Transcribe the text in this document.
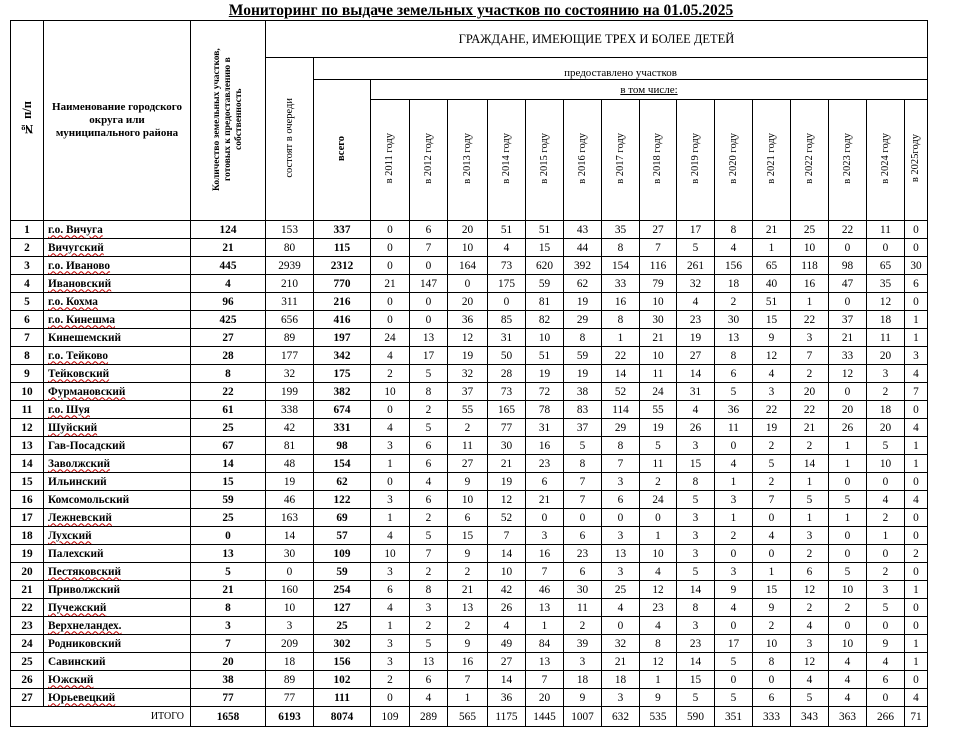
Мониторинг по выдаче земельных участков по состоянию на 01.05.2025
№ п/п	Наименование городского округа или муниципального района	Количество земельных участков, готовых к предоставлению в собственность	ГРАЖДАНЕ, ИМЕЮЩИЕ ТРЕХ И БОЛЕЕ ДЕТЕЙ																
			состоят в очереди	предоставлено участков															
				всего	в том числе:														
					в 2011 году	в 2012 году	в 2013 году	в 2014 году	в 2015 году	в 2016 году	в 2017 году	в 2018 году	в 2019 году	в 2020 году	в 2021 году	в 2022 году	в 2023 году	в 2024 году	в 2025году
1	г.о. Вичуга	124	153	337	0	6	20	51	51	43	35	27	17	8	21	25	22	11	0
2	Вичугский	21	80	115	0	7	10	4	15	44	8	7	5	4	1	10	0	0	0
3	г.о. Иваново	445	2939	2312	0	0	164	73	620	392	154	116	261	156	65	118	98	65	30
4	Ивановский	4	210	770	21	147	0	175	59	62	33	79	32	18	40	16	47	35	6
5	г.о. Кохма	96	311	216	0	0	20	0	81	19	16	10	4	2	51	1	0	12	0
6	г.о. Кинешма	425	656	416	0	0	36	85	82	29	8	30	23	30	15	22	37	18	1
7	Кинешемский	27	89	197	24	13	12	31	10	8	1	21	19	13	9	3	21	11	1
8	г.о. Тейково	28	177	342	4	17	19	50	51	59	22	10	27	8	12	7	33	20	3
9	Тейковский	8	32	175	2	5	32	28	19	19	14	11	14	6	4	2	12	3	4
10	Фурмановский	22	199	382	10	8	37	73	72	38	52	24	31	5	3	20	0	2	7
11	г.о. Шуя	61	338	674	0	2	55	165	78	83	114	55	4	36	22	22	20	18	0
12	Шуйский	25	42	331	4	5	2	77	31	37	29	19	26	11	19	21	26	20	4
13	Гав-Посадский	67	81	98	3	6	11	30	16	5	8	5	3	0	2	2	1	5	1
14	Заволжский	14	48	154	1	6	27	21	23	8	7	11	15	4	5	14	1	10	1
15	Ильинский	15	19	62	0	4	9	19	6	7	3	2	8	1	2	1	0	0	0
16	Комсомольский	59	46	122	3	6	10	12	21	7	6	24	5	3	7	5	5	4	4
17	Лежневский	25	163	69	1	2	6	52	0	0	0	0	3	1	0	1	1	2	0
18	Лухский	0	14	57	4	5	15	7	3	6	3	1	3	2	4	3	0	1	0
19	Палехский	13	30	109	10	7	9	14	16	23	13	10	3	0	0	2	0	0	2
20	Пестяковский	5	0	59	3	2	2	10	7	6	3	4	5	3	1	6	5	2	0
21	Приволжский	21	160	254	6	8	21	42	46	30	25	12	14	9	15	12	10	3	1
22	Пучежский	8	10	127	4	3	13	26	13	11	4	23	8	4	9	2	2	5	0
23	Верхнеландех.	3	3	25	1	2	2	4	1	2	0	4	3	0	2	4	0	0	0
24	Родниковский	7	209	302	3	5	9	49	84	39	32	8	23	17	10	3	10	9	1
25	Савинский	20	18	156	3	13	16	27	13	3	21	12	14	5	8	12	4	4	1
26	Южский	38	89	102	2	6	7	14	7	18	18	1	15	0	0	4	4	6	0
27	Юрьевецкий	77	77	111	0	4	1	36	20	9	3	9	5	5	6	5	4	0	4
ИТОГО		1658	6193	8074	109	289	565	1175	1445	1007	632	535	590	351	333	343	363	266	71
